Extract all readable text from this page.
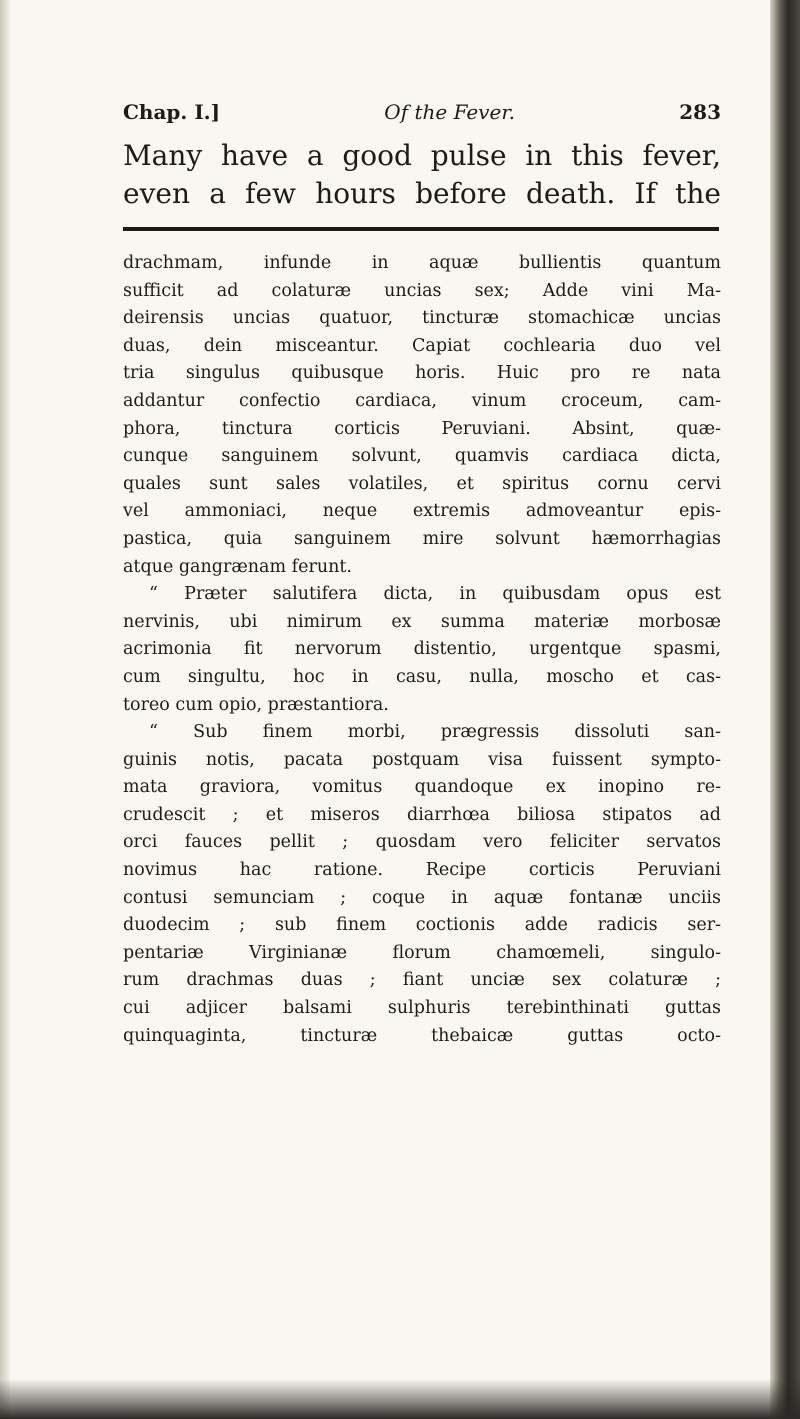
Chap. I.]	Of the Fever.	283
Many have a good pulse in this fever,
even a few hours before death. If the
drachmam, infunde in aquæ bullientis quantum
sufficit ad colaturæ uncias sex; Adde vini Ma-
deirensis uncias quatuor, tincturæ stomachicæ uncias
duas, dein misceantur. Capiat cochlearia duo vel
tria singulus quibusque horis. Huic pro re nata
addantur confectio cardiaca, vinum croceum, cam-
phora, tinctura corticis Peruviani. Absint, quæ-
cunque sanguinem solvunt, quamvis cardiaca dicta,
quales sunt sales volatiles, et spiritus cornu cervi
vel ammoniaci, neque extremis admoveantur epis-
pastica, quia sanguinem mire solvunt hæmorrhagias
atque gangrænam ferunt.
“ Præter salutifera dicta, in quibusdam opus est
nervinis, ubi nimirum ex summa materiæ morbosæ
acrimonia fit nervorum distentio, urgentque spasmi,
cum singultu, hoc in casu, nulla, moscho et cas-
toreo cum opio, præstantiora.
“ Sub finem morbi, prægressis dissoluti san-
guinis notis, pacata postquam visa fuissent sympto-
mata graviora, vomitus quandoque ex inopino re-
crudescit ; et miseros diarrhœa biliosa stipatos ad
orci fauces pellit ; quosdam vero feliciter servatos
novimus hac ratione. Recipe corticis Peruviani
contusi semunciam ; coque in aquæ fontanæ unciis
duodecim ; sub finem coctionis adde radicis ser-
pentariæ Virginianæ florum chamœmeli, singulo-
rum drachmas duas ; fiant unciæ sex colaturæ ;
cui adjicer balsami sulphuris terebinthinati guttas
quinquaginta, tincturæ thebaicæ guttas octo-
